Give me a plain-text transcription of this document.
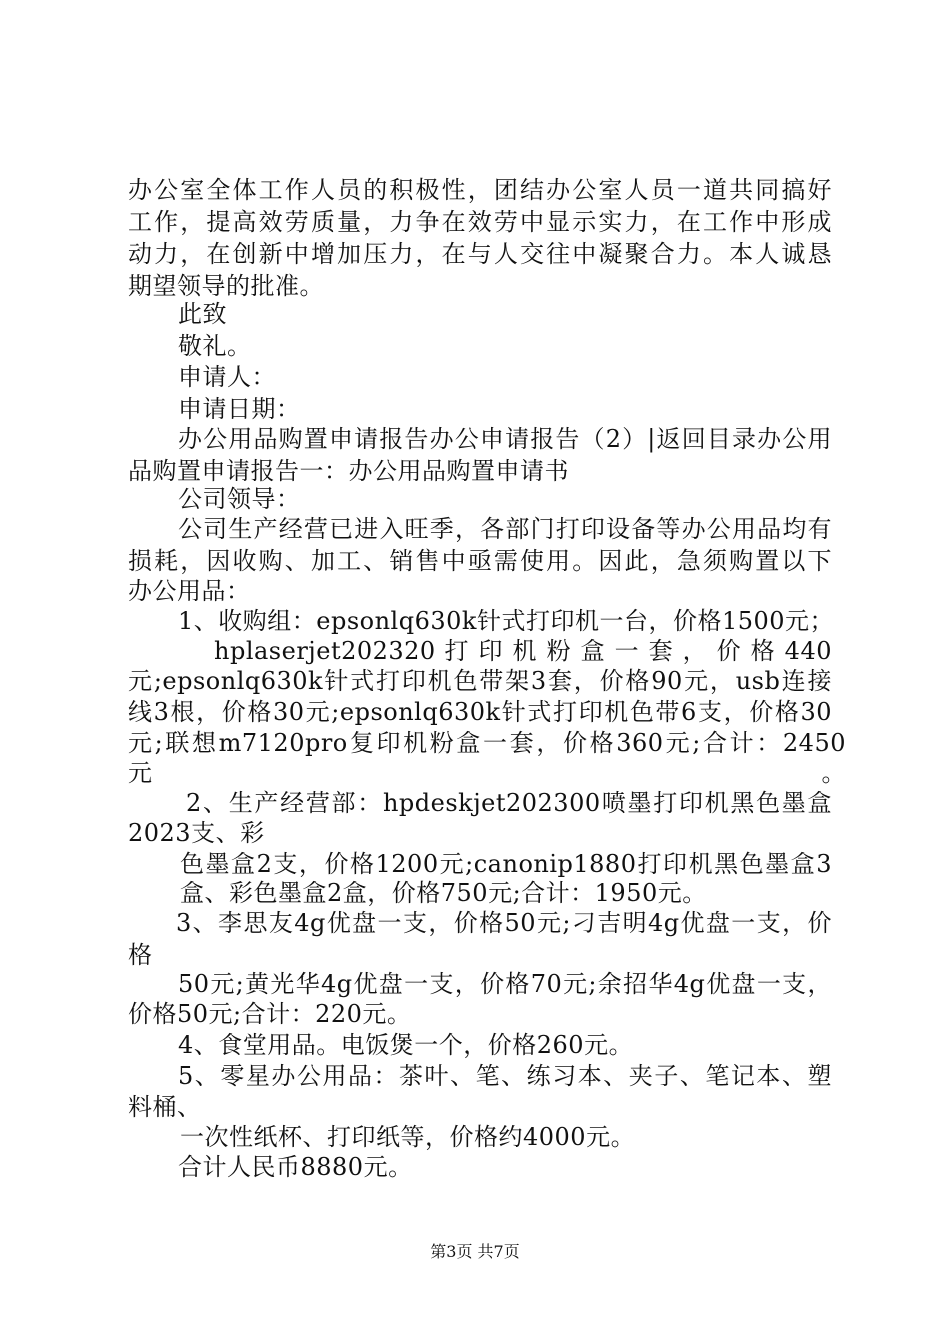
办公室全体工作人员的积极性，团结办公室人员一道共同搞好
工作，提高效劳质量，力争在效劳中显示实力，在工作中形成
动力，在创新中增加压力，在与人交往中凝聚合力。本人诚恳
期望领导的批准。
此致
敬礼。
申请人：
申请日期：
办公用品购置申请报告办公申请报告（2）|返回目录办公用
品购置申请报告一：办公用品购置申请书
公司领导：
公司生产经营已进入旺季，各部门打印设备等办公用品均有
损耗，因收购、加工、销售中亟需使用。因此，急须购置以下
办公用品：
1、收购组：epsonlq630k针式打印机一台，价格1500元；
hplaserjet202320 打 印 机 粉 盒 一 套 ， 价 格 440
元;epsonlq630k针式打印机色带架3套，价格90元，usb连接
线3根，价格30元;epsonlq630k针式打印机色带6支，价格30
元;联想m7120pro复印机粉盒一套，价格360元;合计：2450元。
2、生产经营部：hpdeskjet202300喷墨打印机黑色墨盒
2023支、彩
色墨盒2支，价格1200元;canonip1880打印机黑色墨盒3
盒、彩色墨盒2盒，价格750元;合计：1950元。
3、李思友4g优盘一支，价格50元;刁吉明4g优盘一支，价
格
50元;黄光华4g优盘一支，价格70元;余招华4g优盘一支，
价格50元;合计：220元。
4、食堂用品。电饭煲一个，价格260元。
5、零星办公用品：茶叶、笔、练习本、夹子、笔记本、塑
料桶、
一次性纸杯、打印纸等，价格约4000元。
合计人民币8880元。
第3页 共7页
